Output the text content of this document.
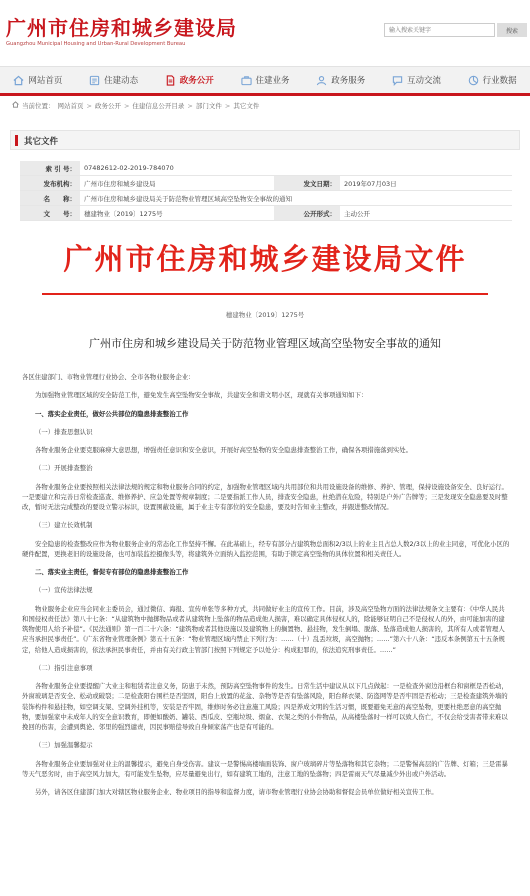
广州市住房和城乡建设局
Guangzhou Municipal Housing and Urban-Rural Development Bureau
输入搜索关键字
搜索
网站首页	住建动态	政务公开	住建业务	政务服务	互动交流	行业数据
当前位置： 网站首页 > 政务公开 > 住建信息公开目录 > 部门文件 > 其它文件
其它文件
索 引 号：	07482612-02-2019-784070		
发布机构：	广州市住房和城乡建设局	发文日期：	2019年07月03日
名　　称：	广州市住房和城乡建设局关于防范物业管理区域高空坠物安全事故的通知		
文　　号：	穗建物业〔2019〕1275号	公开形式：	主动公开
广州市住房和城乡建设局文件
穗建物业〔2019〕1275号
广州市住房和城乡建设局关于防范物业管理区域高空坠物安全事故的通知

各区住建部门、市物业管理行业协会、全市各物业服务企业：

为加强物业管理区域的安全防范工作，避免发生高空坠物安全事故，共建安全和谐文明小区，现就有关事项通知如下：

一、落实企业责任，做好公共部位的隐患排查整治工作

（一）排查思想认识

各物业服务企业要克服麻痹大意思想，增强责任意识和安全意识，开展好高空坠物的安全隐患排查整治工作，确保各项措施落到实处。

（二）开展排查整治

各物业服务企业要按照相关法律法规的规定和物业服务合同的约定，加强物业管理区域内共用部位和共用设施设备的维修、养护、管理，保持设施设备安全、良好运行。一是要建立和完善日常检查巡查、维修养护、应急处置等规章制度；二是要指派工作人员，排查安全隐患，杜绝潜在危险，特别是户外广告牌等；三是发现安全隐患要及时整改，暂时无法完成整改的要设立警示标识，设置围蔽设施，属于业主专有部位的安全隐患，要及时告知业主整改，并跟进整改情况。

（三）建立长效机制

安全隐患的检查整改应作为物业服务企业的常态化工作坚持不懈。在此基础上，经专有部分占建筑物总面积2/3以上的业主且占总人数2/3以上的业主同意，可优化小区的硬件配置，更换老旧的设施设备，也可加装监控摄像头等，将建筑外立面纳入监控范围，有助于锁定高空坠物的具体位置和相关责任人。

二、落实业主责任，督促专有部位的隐患排查整治工作

（一）宣传法律法规

物业服务企业应当会同业主委员会，通过微信、海报、宣传单张等多种方式，共同做好业主的宣传工作。目前，涉及高空坠物方面的法律法规条文主要有：《中华人民共和国侵权责任法》第八十七条：“从建筑物中抛掷物品或者从建筑物上坠落的物品造成他人损害，难以确定具体侵权人的，除能够证明自己不是侵权人的外，由可能加害的建筑物使用人给予补偿”。《民法通则》第一百二十六条：“建筑物或者其他设施以及建筑物上的搁置物、悬挂物，发生倒塌、脱落、坠落造成他人损害的，其所有人或者管理人应当承担民事责任”。《广东省物业管理条例》第五十五条：“物业管理区域内禁止下列行为：……（十）乱丢垃圾，高空抛物；……”第六十八条：“违反本条例第五十五条规定，给他人造成损害的，依法承担民事责任，并由有关行政主管部门按照下列规定予以处分：构成犯罪的，依法追究刑事责任。……”

（二）指引注意事项

各物业服务企业要提醒广大业主和租赁者注意义务，防患于未然，预防高空坠物事件的发生。日常生活中建议从以下几点做起：一是检查外窗边沿框台和窗框是否松动，外窗玻璃是否安全、松动或破裂；二是检查阳台围栏是否坚固，阳台上放置的花盆、杂物等是否有坠落风险，阳台释衣架、防盗网等是否牢固是否松动；三是检查建筑外墙的装饰构件和悬挂物，如空调支架、空调外挂机等，安装是否牢固，维修时务必注意施工风险；四是养成文明的生活习惯，既要避免无意的高空坠物，更要杜绝恶意的高空抛物，要加强家中未成年人的安全意识教育，即便如酸奶、罐装、西瓜皮、空瓶垃圾、烟盒、衣架之类的小件物品，从高楼坠落时一样可以致人伤亡，不仅会给受害者带来难以挽回的伤害，会遭到舆论、邻里的强烈谴责，因民事赔偿导致自身倾家荡产也是有可能的。

（三）加强温馨提示

各物业服务企业要加强对业主的温馨提示，避免自身受伤害。建议一是警惕高楼墙面装饰、窗户玻璃碎片等坠落物和其它杂物；二是警惕高层的广告牌、灯箱；三是雷暴等天气恶劣时，由于高空风力加大，有可能发生坠物，应尽量避免出行，如有建筑工地的，注意工地的坠落物；四是雷雨天气尽量减少外出或户外活动。

另外，请各区住建部门加大对辖区物业服务企业、物业项目的指导和监督力度，请市物业管理行业协会协助和督促会员单位做好相关宣传工作。
